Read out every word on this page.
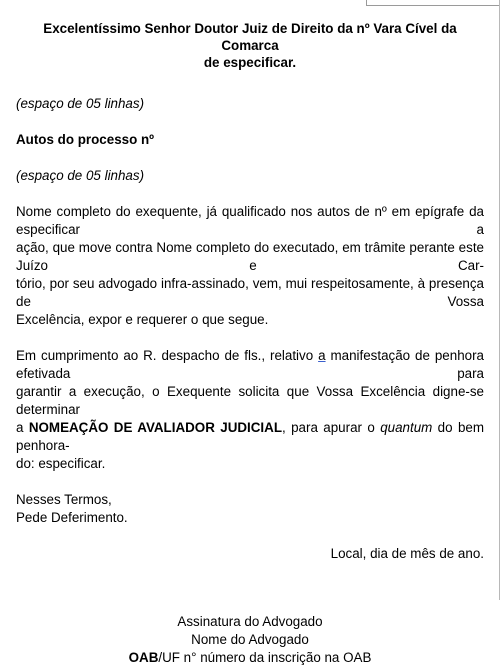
Excelentíssimo Senhor Doutor Juiz de Direito da nº Vara Cível da Comarca
de especificar.

(espaço de 05 linhas)

Autos do processo nº

(espaço de 05 linhas)

Nome completo do exequente, já qualificado nos autos de nº em epígrafe da especificar a
ação, que move contra Nome completo do executado, em trâmite perante este Juízo e Car-
tório, por seu advogado infra-assinado, vem, mui respeitosamente, à presença de Vossa
Excelência, expor e requerer o que segue.
Em cumprimento ao R. despacho de fls., relativo a manifestação de penhora efetivada para
garantir a execução, o Exequente solicita que Vossa Excelência digne-se determinar
a NOMEAÇÃO DE AVALIADOR JUDICIAL, para apurar o quantum do bem penhora-
do: especificar.
Nesses Termos,
Pede Deferimento.

Local, dia de mês de ano.

Assinatura do Advogado
Nome do Advogado
OAB/UF n° número da inscrição na OAB
